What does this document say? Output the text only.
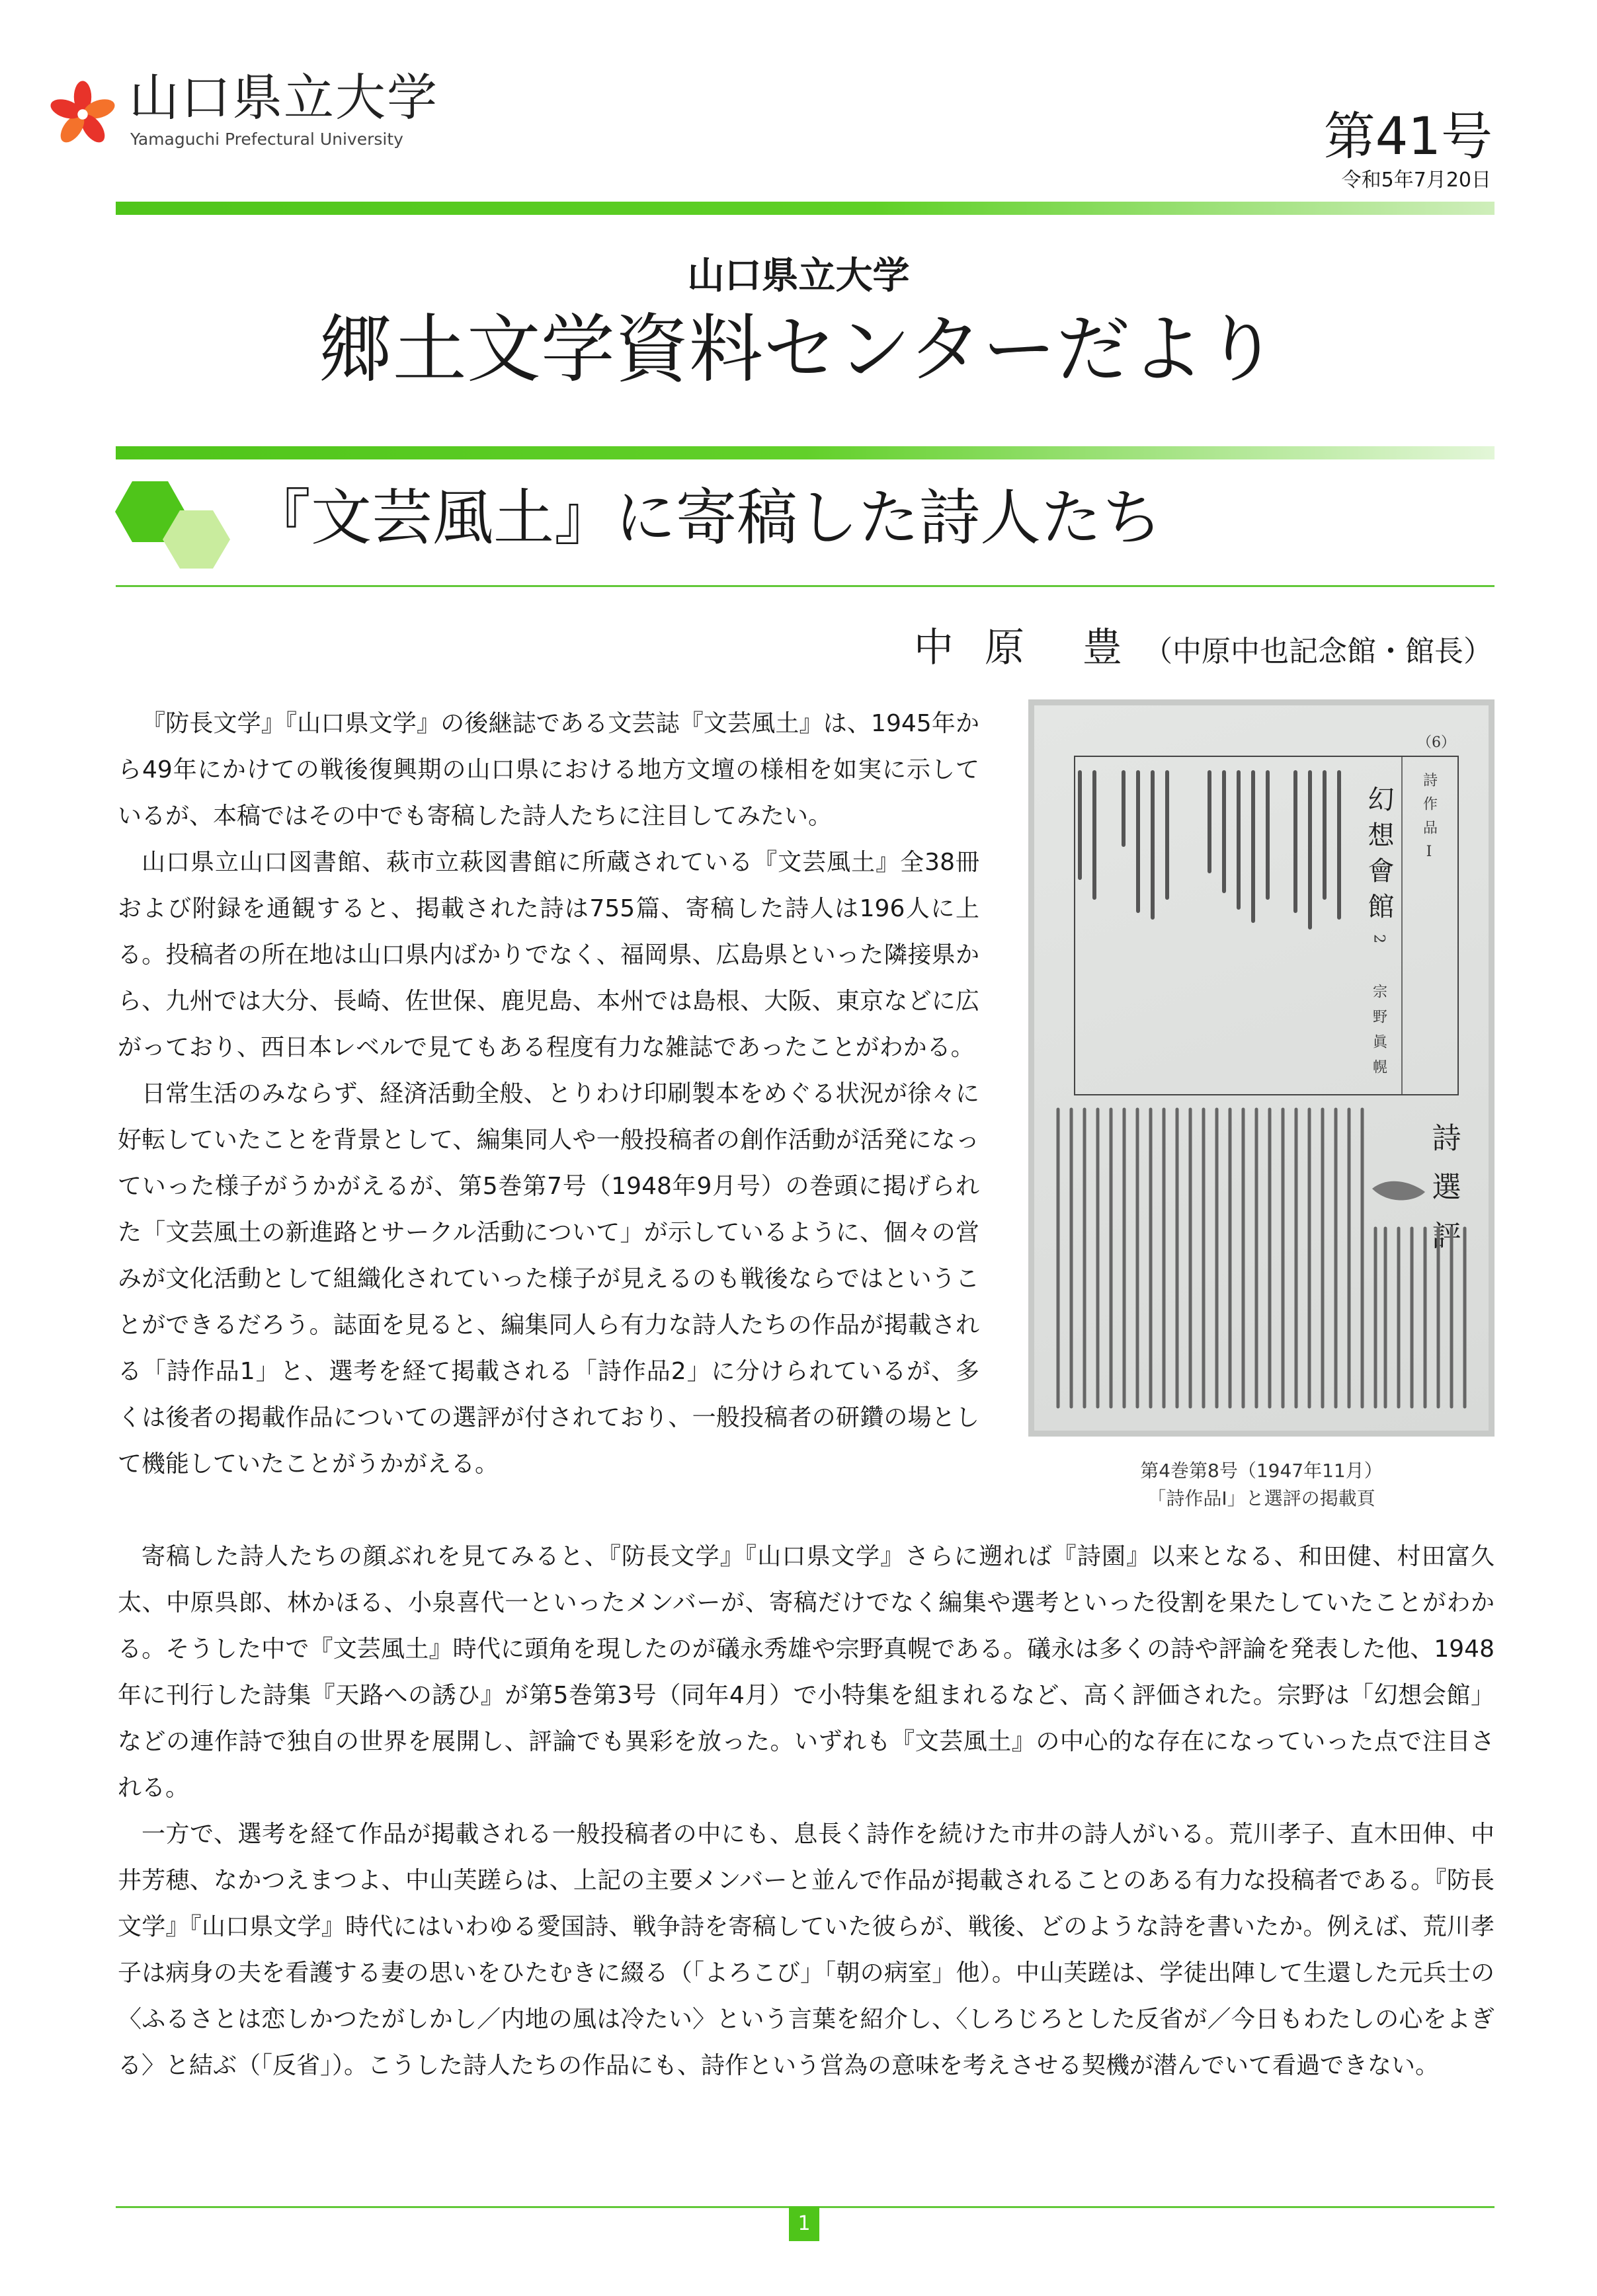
山口県立大学
Yamaguchi Prefectural University	第41号
令和5年7月20日
山口県立大学
郷土文学資料センターだより
『文芸風土』に寄稿した詩人たち
中 原　豊 （中原中也記念館・館長）

『防長文学』『山口県文学』の後継誌である文芸誌『文芸風土』は、1945年から49年にかけての戦後復興期の山口県における地方文壇の様相を如実に示しているが、本稿ではその中でも寄稿した詩人たちに注目してみたい。

山口県立山口図書館、萩市立萩図書館に所蔵されている『文芸風土』全38冊および附録を通観すると、掲載された詩は755篇、寄稿した詩人は196人に上る。投稿者の所在地は山口県内ばかりでなく、福岡県、広島県といった隣接県から、九州では大分、長崎、佐世保、鹿児島、本州では島根、大阪、東京などに広がっており、西日本レベルで見てもある程度有力な雑誌であったことがわかる。

日常生活のみならず、経済活動全般、とりわけ印刷製本をめぐる状況が徐々に好転していたことを背景として、編集同人や一般投稿者の創作活動が活発になっていった様子がうかがえるが、第5巻第7号（1948年9月号）の巻頭に掲げられた「文芸風土の新進路とサークル活動について」が示しているように、個々の営みが文化活動として組織化されていった様子が見えるのも戦後ならではということができるだろう。誌面を見ると、編集同人ら有力な詩人たちの作品が掲載される「詩作品1」と、選考を経て掲載される「詩作品2」に分けられているが、多くは後者の掲載作品についての選評が付されており、一般投稿者の研鑽の場として機能していたことがうかがえる。

（6）
詩作品Ⅰ
幻想會館
2
宗野眞幌
詩選評
第4巻第8号（1947年11月）
「詩作品Ⅰ」と選評の掲載頁

寄稿した詩人たちの顔ぶれを見てみると、『防長文学』『山口県文学』さらに遡れば『詩園』以来となる、和田健、村田富久太、中原呉郎、林かほる、小泉喜代一といったメンバーが、寄稿だけでなく編集や選考といった役割を果たしていたことがわかる。そうした中で『文芸風土』時代に頭角を現したのが礒永秀雄や宗野真幌である。礒永は多くの詩や評論を発表した他、1948年に刊行した詩集『天路への誘ひ』が第5巻第3号（同年4月）で小特集を組まれるなど、高く評価された。宗野は「幻想会館」などの連作詩で独自の世界を展開し、評論でも異彩を放った。いずれも『文芸風土』の中心的な存在になっていった点で注目される。

一方で、選考を経て作品が掲載される一般投稿者の中にも、息長く詩作を続けた市井の詩人がいる。荒川孝子、直木田伸、中井芳穂、なかつえまつよ、中山芙蹉らは、上記の主要メンバーと並んで作品が掲載されることのある有力な投稿者である。『防長文学』『山口県文学』時代にはいわゆる愛国詩、戦争詩を寄稿していた彼らが、戦後、どのような詩を書いたか。例えば、荒川孝子は病身の夫を看護する妻の思いをひたむきに綴る（「よろこび」「朝の病室」他）。中山芙蹉は、学徒出陣して生還した元兵士の〈ふるさとは恋しかつたがしかし／内地の風は冷たい〉という言葉を紹介し、〈しろじろとした反省が／今日もわたしの心をよぎる〉と結ぶ（「反省」）。こうした詩人たちの作品にも、詩作という営為の意味を考えさせる契機が潜んでいて看過できない。

1
